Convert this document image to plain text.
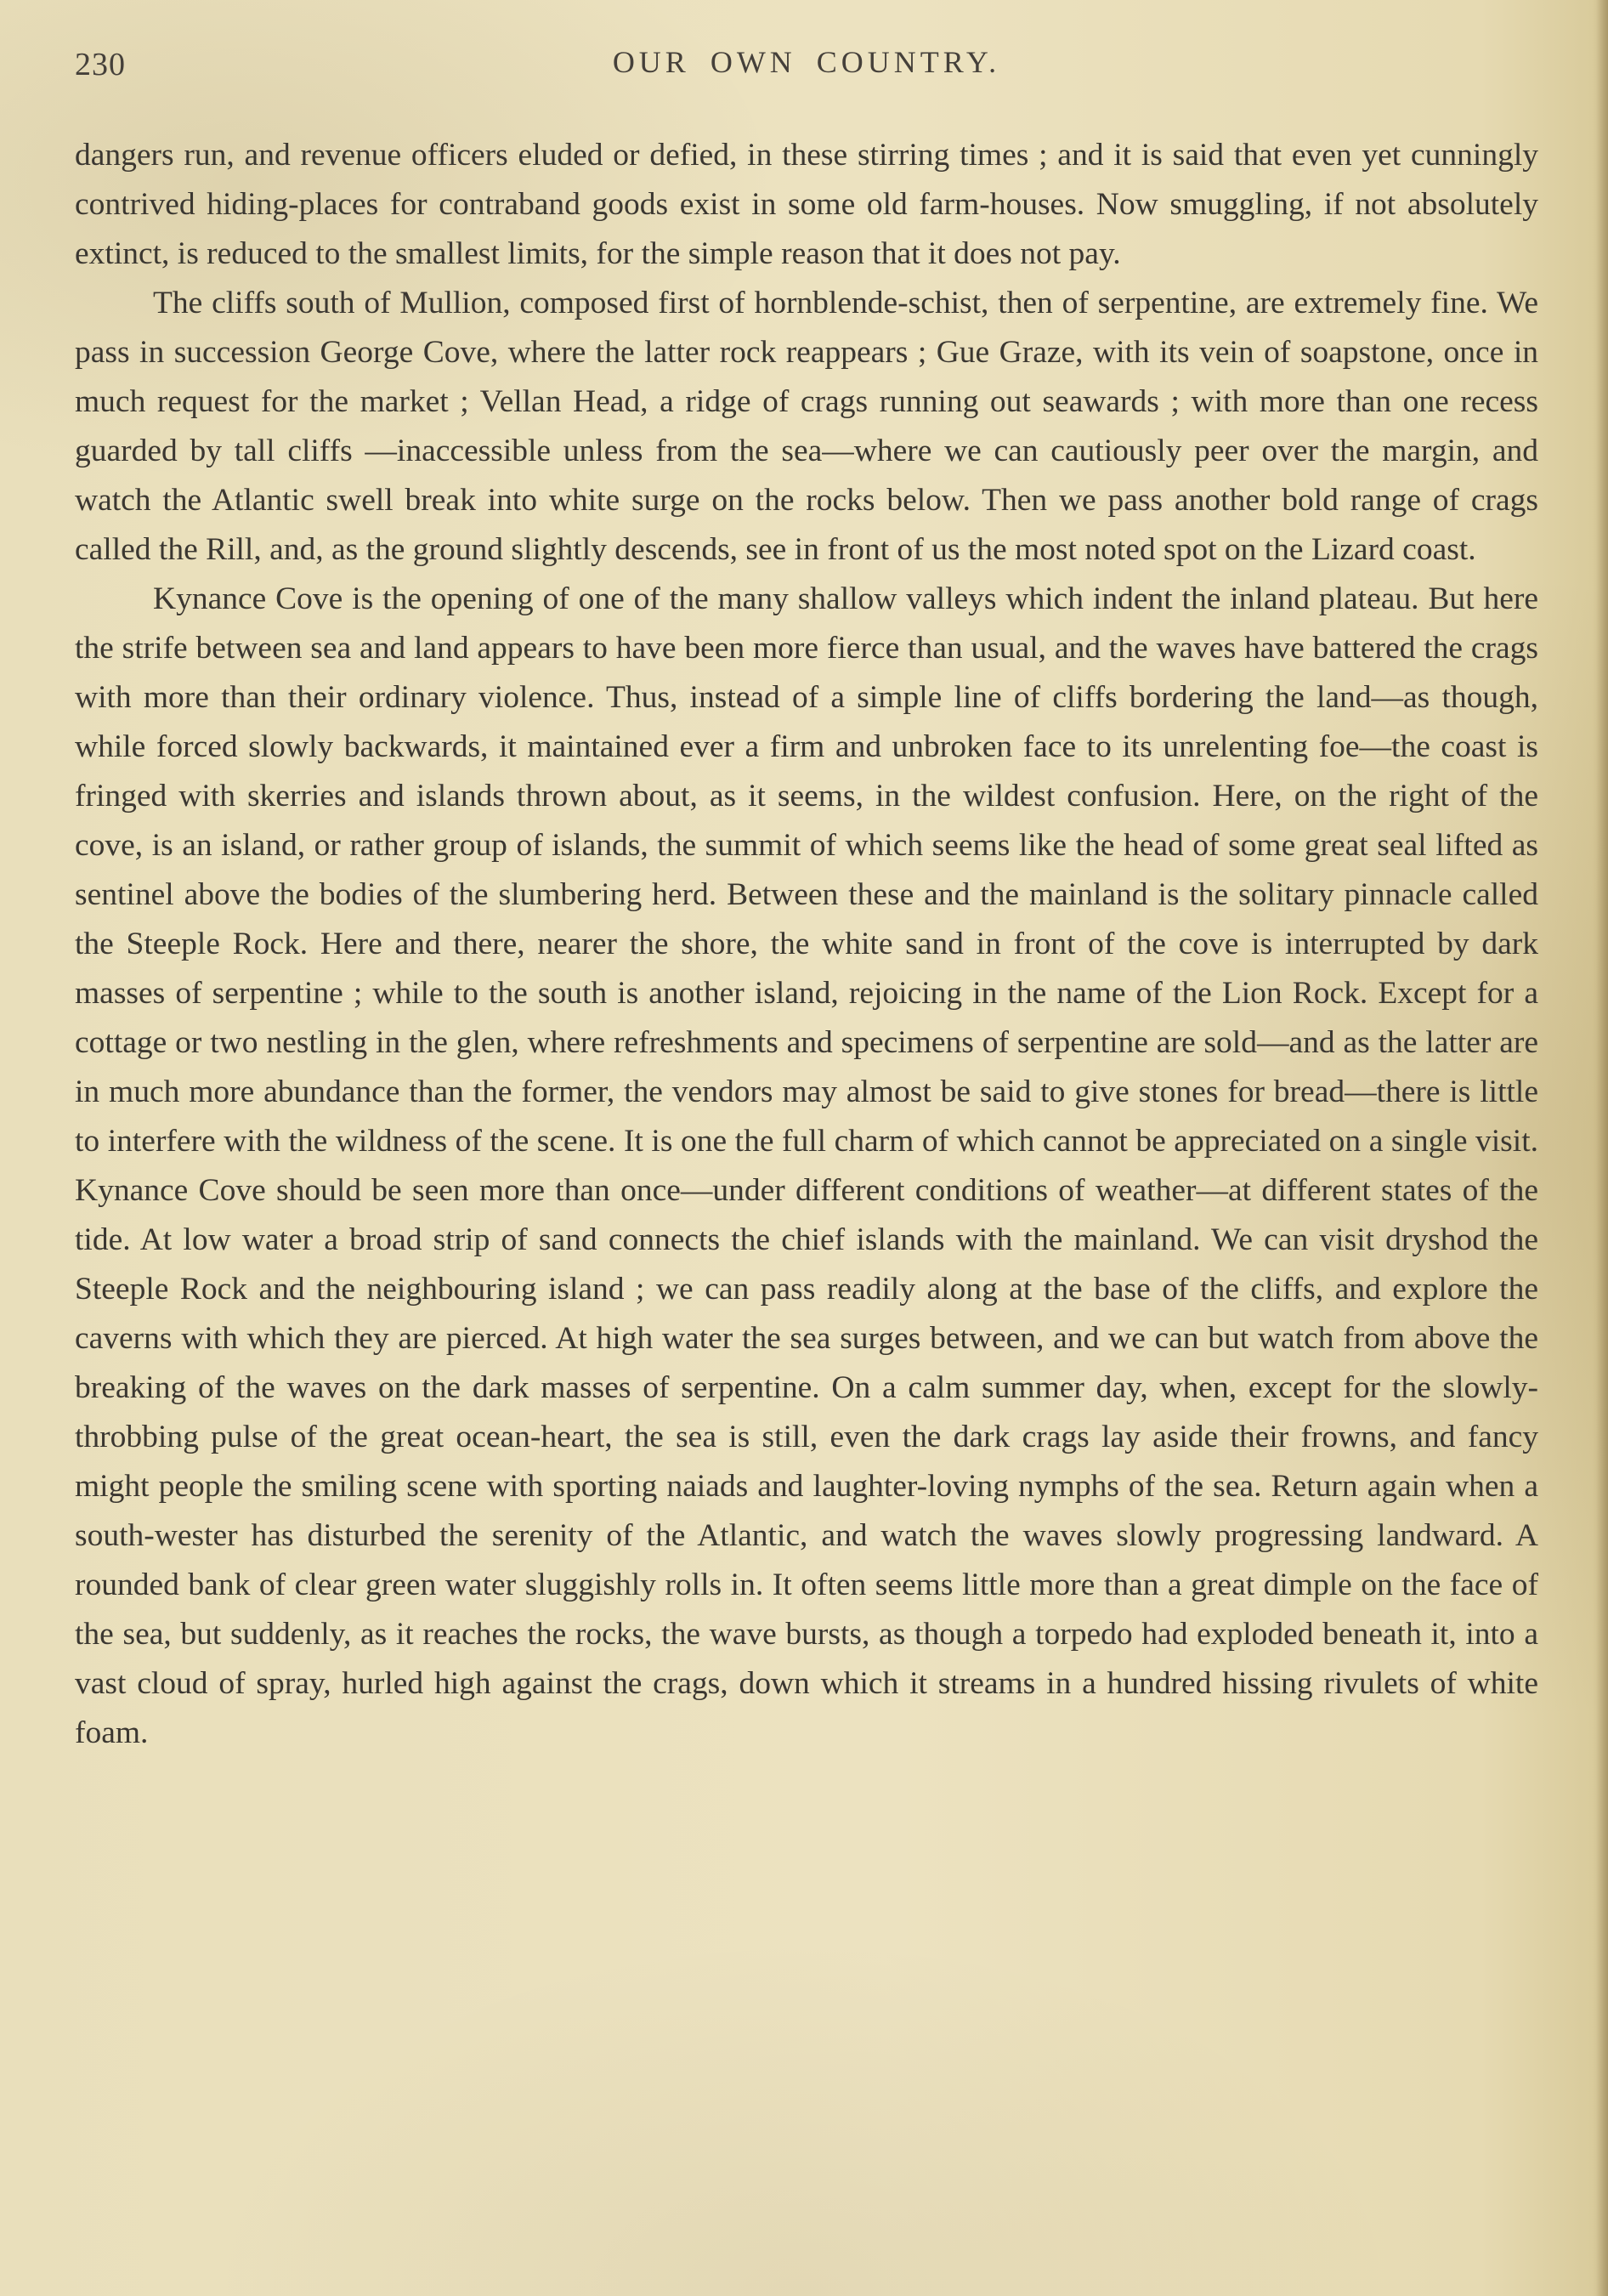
230	OUR OWN COUNTRY.

dangers run, and revenue officers eluded or defied, in these stirring times ; and it is said that even yet cunningly contrived hiding-places for contraband goods exist in some old farm-houses. Now smuggling, if not absolutely extinct, is reduced to the smallest limits, for the simple reason that it does not pay.

The cliffs south of Mullion, composed first of hornblende-schist, then of serpentine, are extremely fine. We pass in succession George Cove, where the latter rock reappears ; Gue Graze, with its vein of soapstone, once in much request for the market ; Vellan Head, a ridge of crags running out seawards ; with more than one recess guarded by tall cliffs —inaccessible unless from the sea—where we can cautiously peer over the margin, and watch the Atlantic swell break into white surge on the rocks below. Then we pass another bold range of crags called the Rill, and, as the ground slightly descends, see in front of us the most noted spot on the Lizard coast.

Kynance Cove is the opening of one of the many shallow valleys which indent the inland plateau. But here the strife between sea and land appears to have been more fierce than usual, and the waves have battered the crags with more than their ordinary violence. Thus, instead of a simple line of cliffs bordering the land—as though, while forced slowly backwards, it maintained ever a firm and unbroken face to its unrelenting foe—the coast is fringed with skerries and islands thrown about, as it seems, in the wildest confusion. Here, on the right of the cove, is an island, or rather group of islands, the summit of which seems like the head of some great seal lifted as sentinel above the bodies of the slumbering herd. Between these and the mainland is the solitary pinnacle called the Steeple Rock. Here and there, nearer the shore, the white sand in front of the cove is interrupted by dark masses of serpentine ; while to the south is another island, rejoicing in the name of the Lion Rock. Except for a cottage or two nestling in the glen, where refreshments and specimens of serpentine are sold—and as the latter are in much more abundance than the former, the vendors may almost be said to give stones for bread—there is little to interfere with the wildness of the scene. It is one the full charm of which cannot be appreciated on a single visit. Kynance Cove should be seen more than once—under different conditions of weather—at different states of the tide. At low water a broad strip of sand connects the chief islands with the mainland. We can visit dryshod the Steeple Rock and the neighbouring island ; we can pass readily along at the base of the cliffs, and explore the caverns with which they are pierced. At high water the sea surges between, and we can but watch from above the breaking of the waves on the dark masses of serpentine. On a calm summer day, when, except for the slowly-throbbing pulse of the great ocean-heart, the sea is still, even the dark crags lay aside their frowns, and fancy might people the smiling scene with sporting naiads and laughter-loving nymphs of the sea. Return again when a south-wester has disturbed the serenity of the Atlantic, and watch the waves slowly progressing landward. A rounded bank of clear green water sluggishly rolls in. It often seems little more than a great dimple on the face of the sea, but suddenly, as it reaches the rocks, the wave bursts, as though a torpedo had exploded beneath it, into a vast cloud of spray, hurled high against the crags, down which it streams in a hundred hissing rivulets of white foam.
